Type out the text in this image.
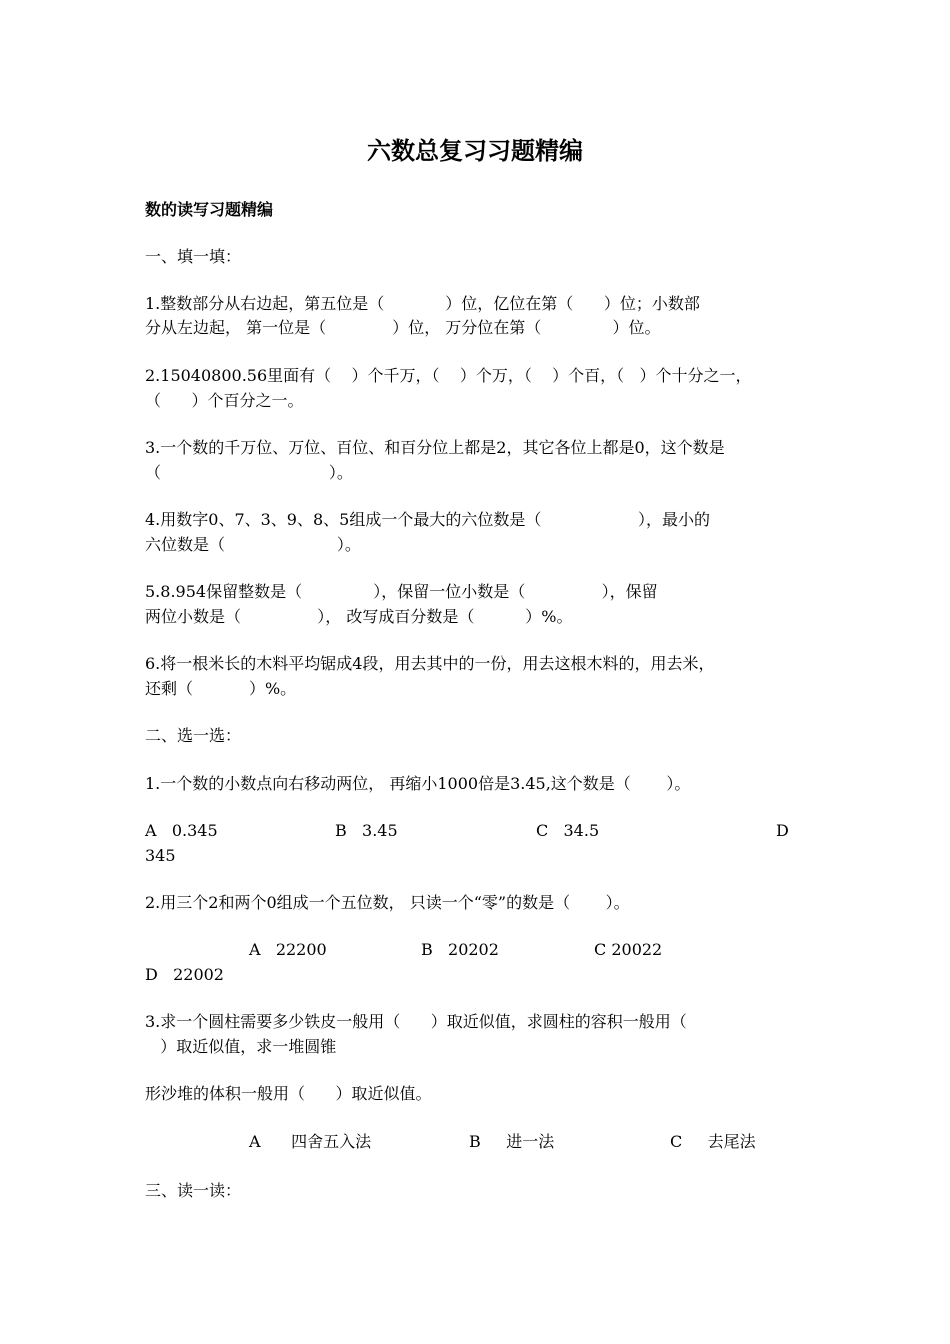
六数总复习习题精编
数的读写习题精编
一、填一填：
1.整数部分从右边起，第五位是（            ）位，亿位在第（      ）位；小数部
分从左边起， 第一位是（             ）位， 万分位在第（              ）位。
2.15040800.56里面有（    ）个千万，（    ）个万，（    ）个百，（   ）个十分之一，
（      ）个百分之一。
3.一个数的千万位、万位、百位、和百分位上都是2，其它各位上都是0，这个数是
（                                 ）。
4.用数字0、7、3、9、8、5组成一个最大的六位数是（                   ），最小的
六位数是（                      ）。
5.8.954保留整数是（              ），保留一位小数是（               ），保留
两位小数是（               ）， 改写成百分数是（          ）%。
6.将一根米长的木料平均锯成4段，用去其中的一份，用去这根木料的，用去米，
还剩（           ）%。
二、选一选：
1.一个数的小数点向右移动两位， 再缩小1000倍是3.45,这个数是（       ）。
A   0.345	B   3.45	C   34.5	D
345
2.用三个2和两个0组成一个五位数， 只读一个“零”的数是（       ）。
A   22200	B   20202	C 20022
D   22002
3.求一个圆柱需要多少铁皮一般用（      ）取近似值，求圆柱的容积一般用（
）取近似值，求一堆圆锥
形沙堆的体积一般用（      ）取近似值。
A      四舍五入法	B     进一法	C     去尾法
三、读一读：
